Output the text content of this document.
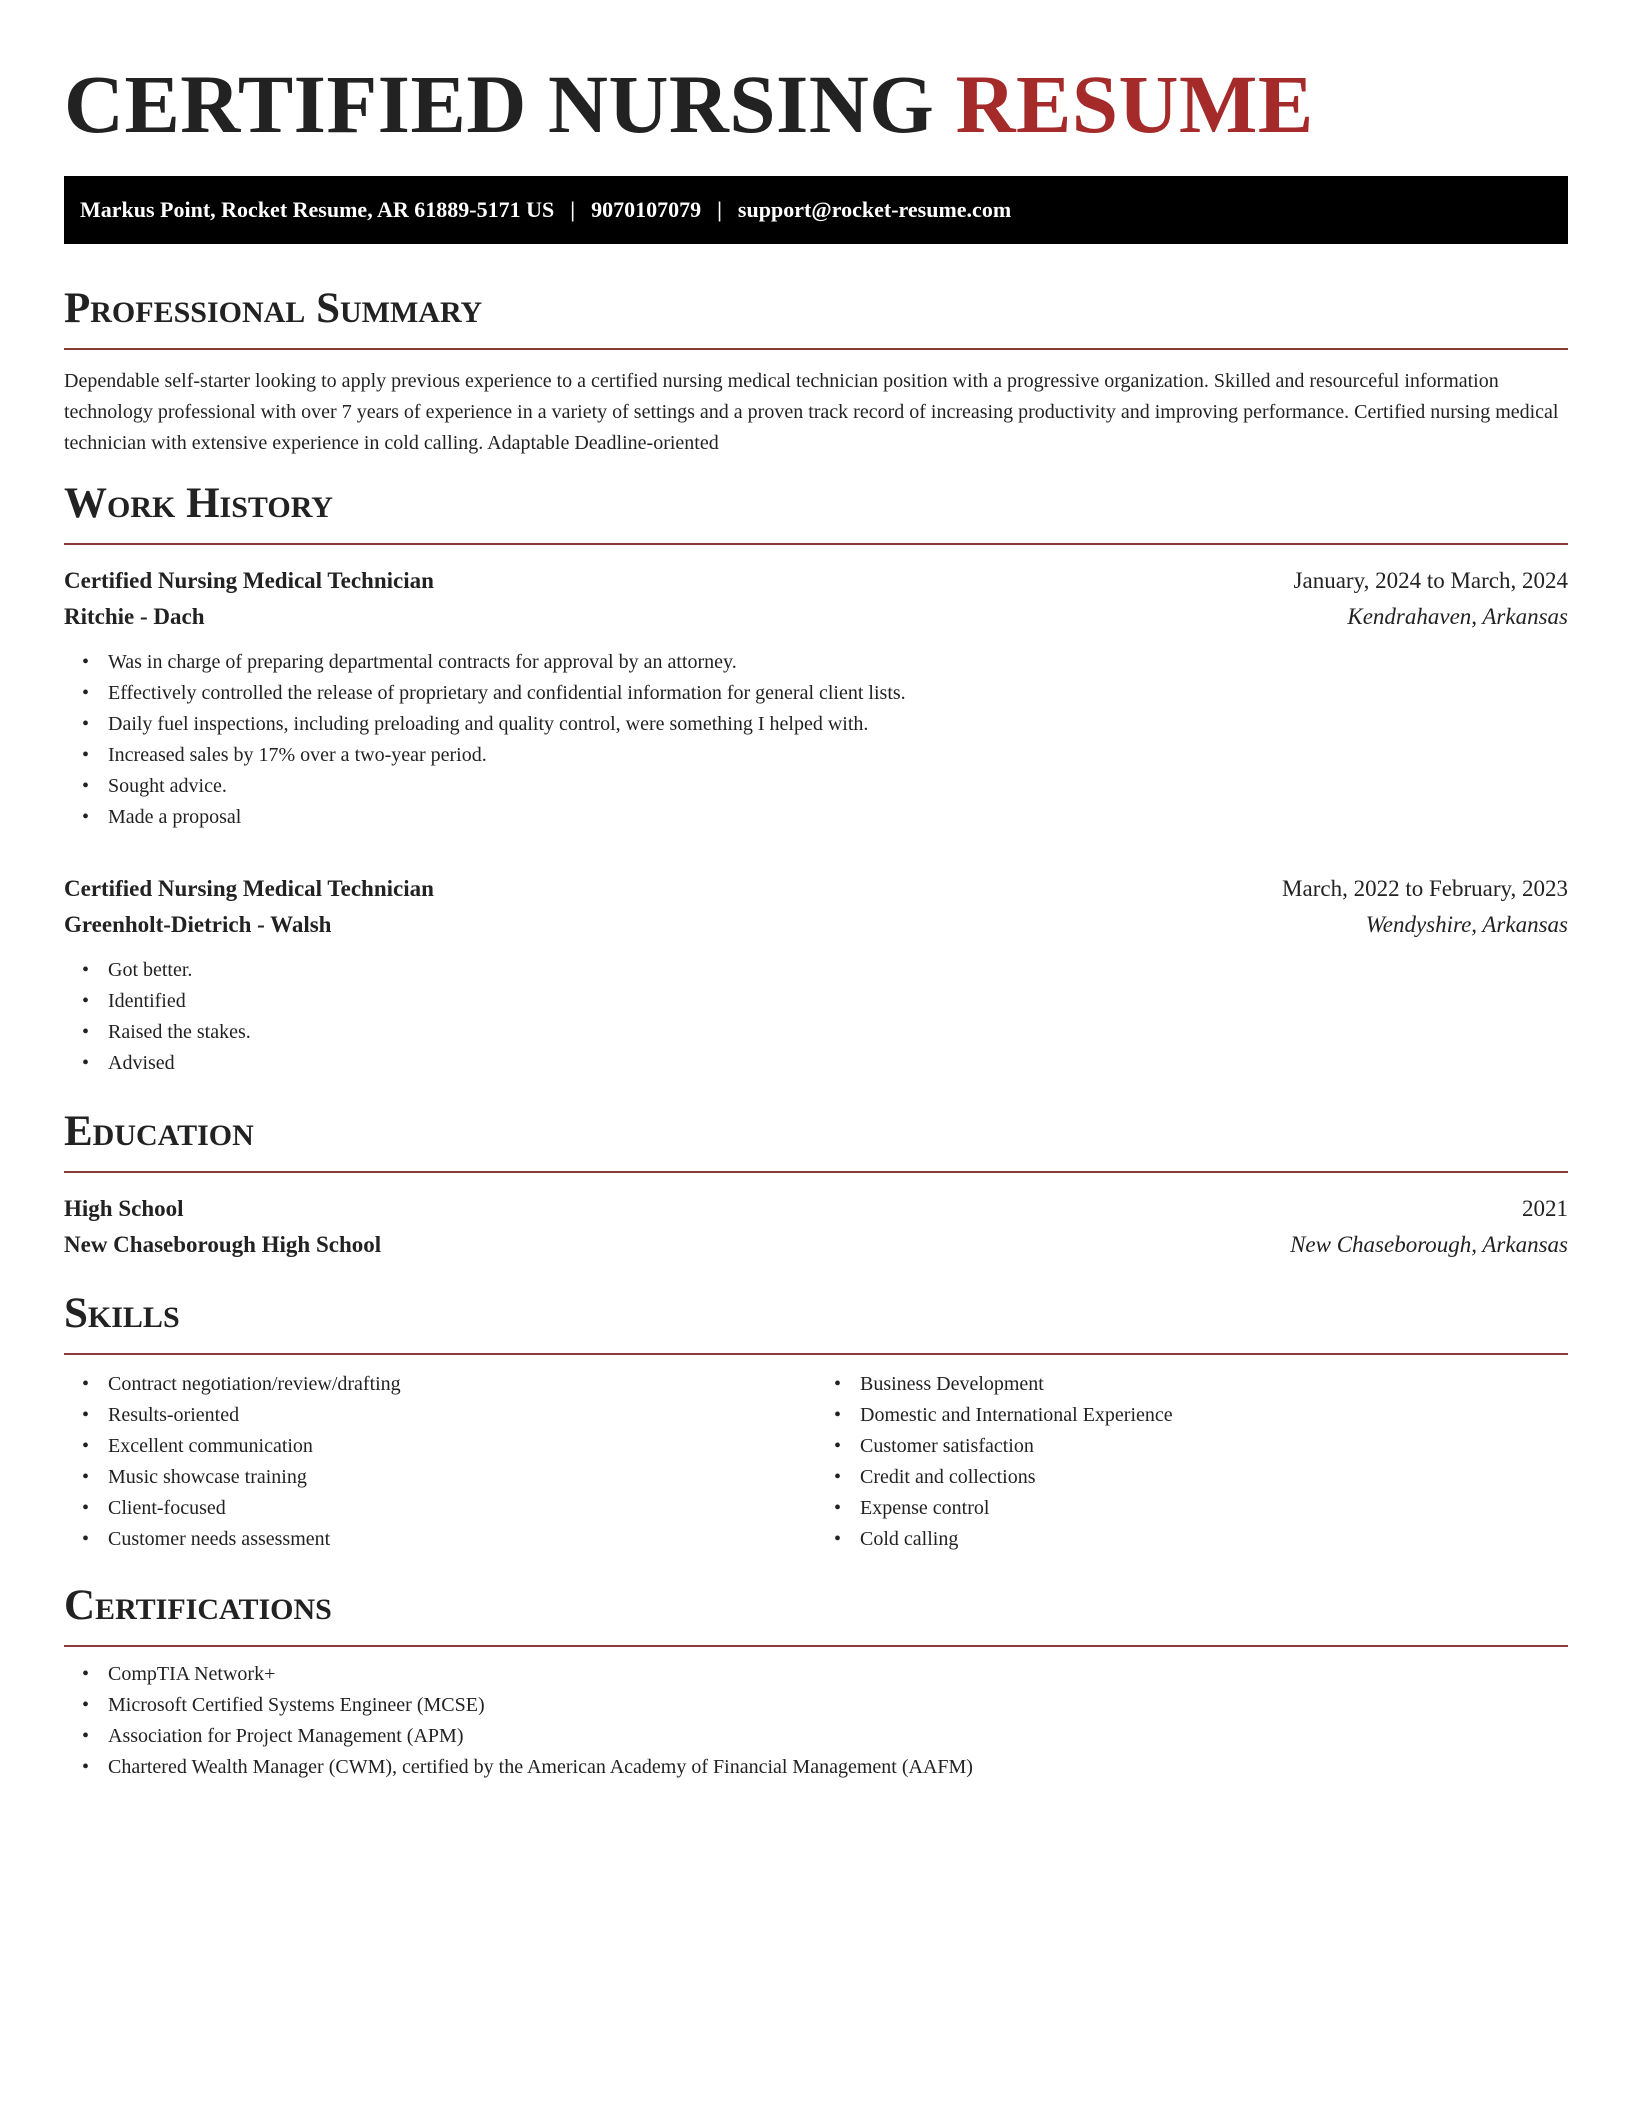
CERTIFIED NURSING RESUME
Markus Point, Rocket Resume, AR 61889-5171 US | 9070107079 | support@rocket-resume.com
Professional Summary

Dependable self-starter looking to apply previous experience to a certified nursing medical technician position with a progressive organization. Skilled and resourceful information technology professional with over 7 years of experience in a variety of settings and a proven track record of increasing productivity and improving performance. Certified nursing medical technician with extensive experience in cold calling. Adaptable Deadline-oriented

Work History
Certified Nursing Medical Technician	January, 2024 to March, 2024
Ritchie - Dach	Kendrahaven, Arkansas
• Was in charge of preparing departmental contracts for approval by an attorney.
• Effectively controlled the release of proprietary and confidential information for general client lists.
• Daily fuel inspections, including preloading and quality control, were something I helped with.
• Increased sales by 17% over a two-year period.
• Sought advice.
• Made a proposal
Certified Nursing Medical Technician	March, 2022 to February, 2023
Greenholt-Dietrich - Walsh	Wendyshire, Arkansas
• Got better.
• Identified
• Raised the stakes.
• Advised
Education
High School	2021
New Chaseborough High School	New Chaseborough, Arkansas
Skills
• Contract negotiation/review/drafting
• Results-oriented
• Excellent communication
• Music showcase training
• Client-focused
• Customer needs assessment
• Business Development
• Domestic and International Experience
• Customer satisfaction
• Credit and collections
• Expense control
• Cold calling
Certifications
• CompTIA Network+
• Microsoft Certified Systems Engineer (MCSE)
• Association for Project Management (APM)
• Chartered Wealth Manager (CWM), certified by the American Academy of Financial Management (AAFM)
